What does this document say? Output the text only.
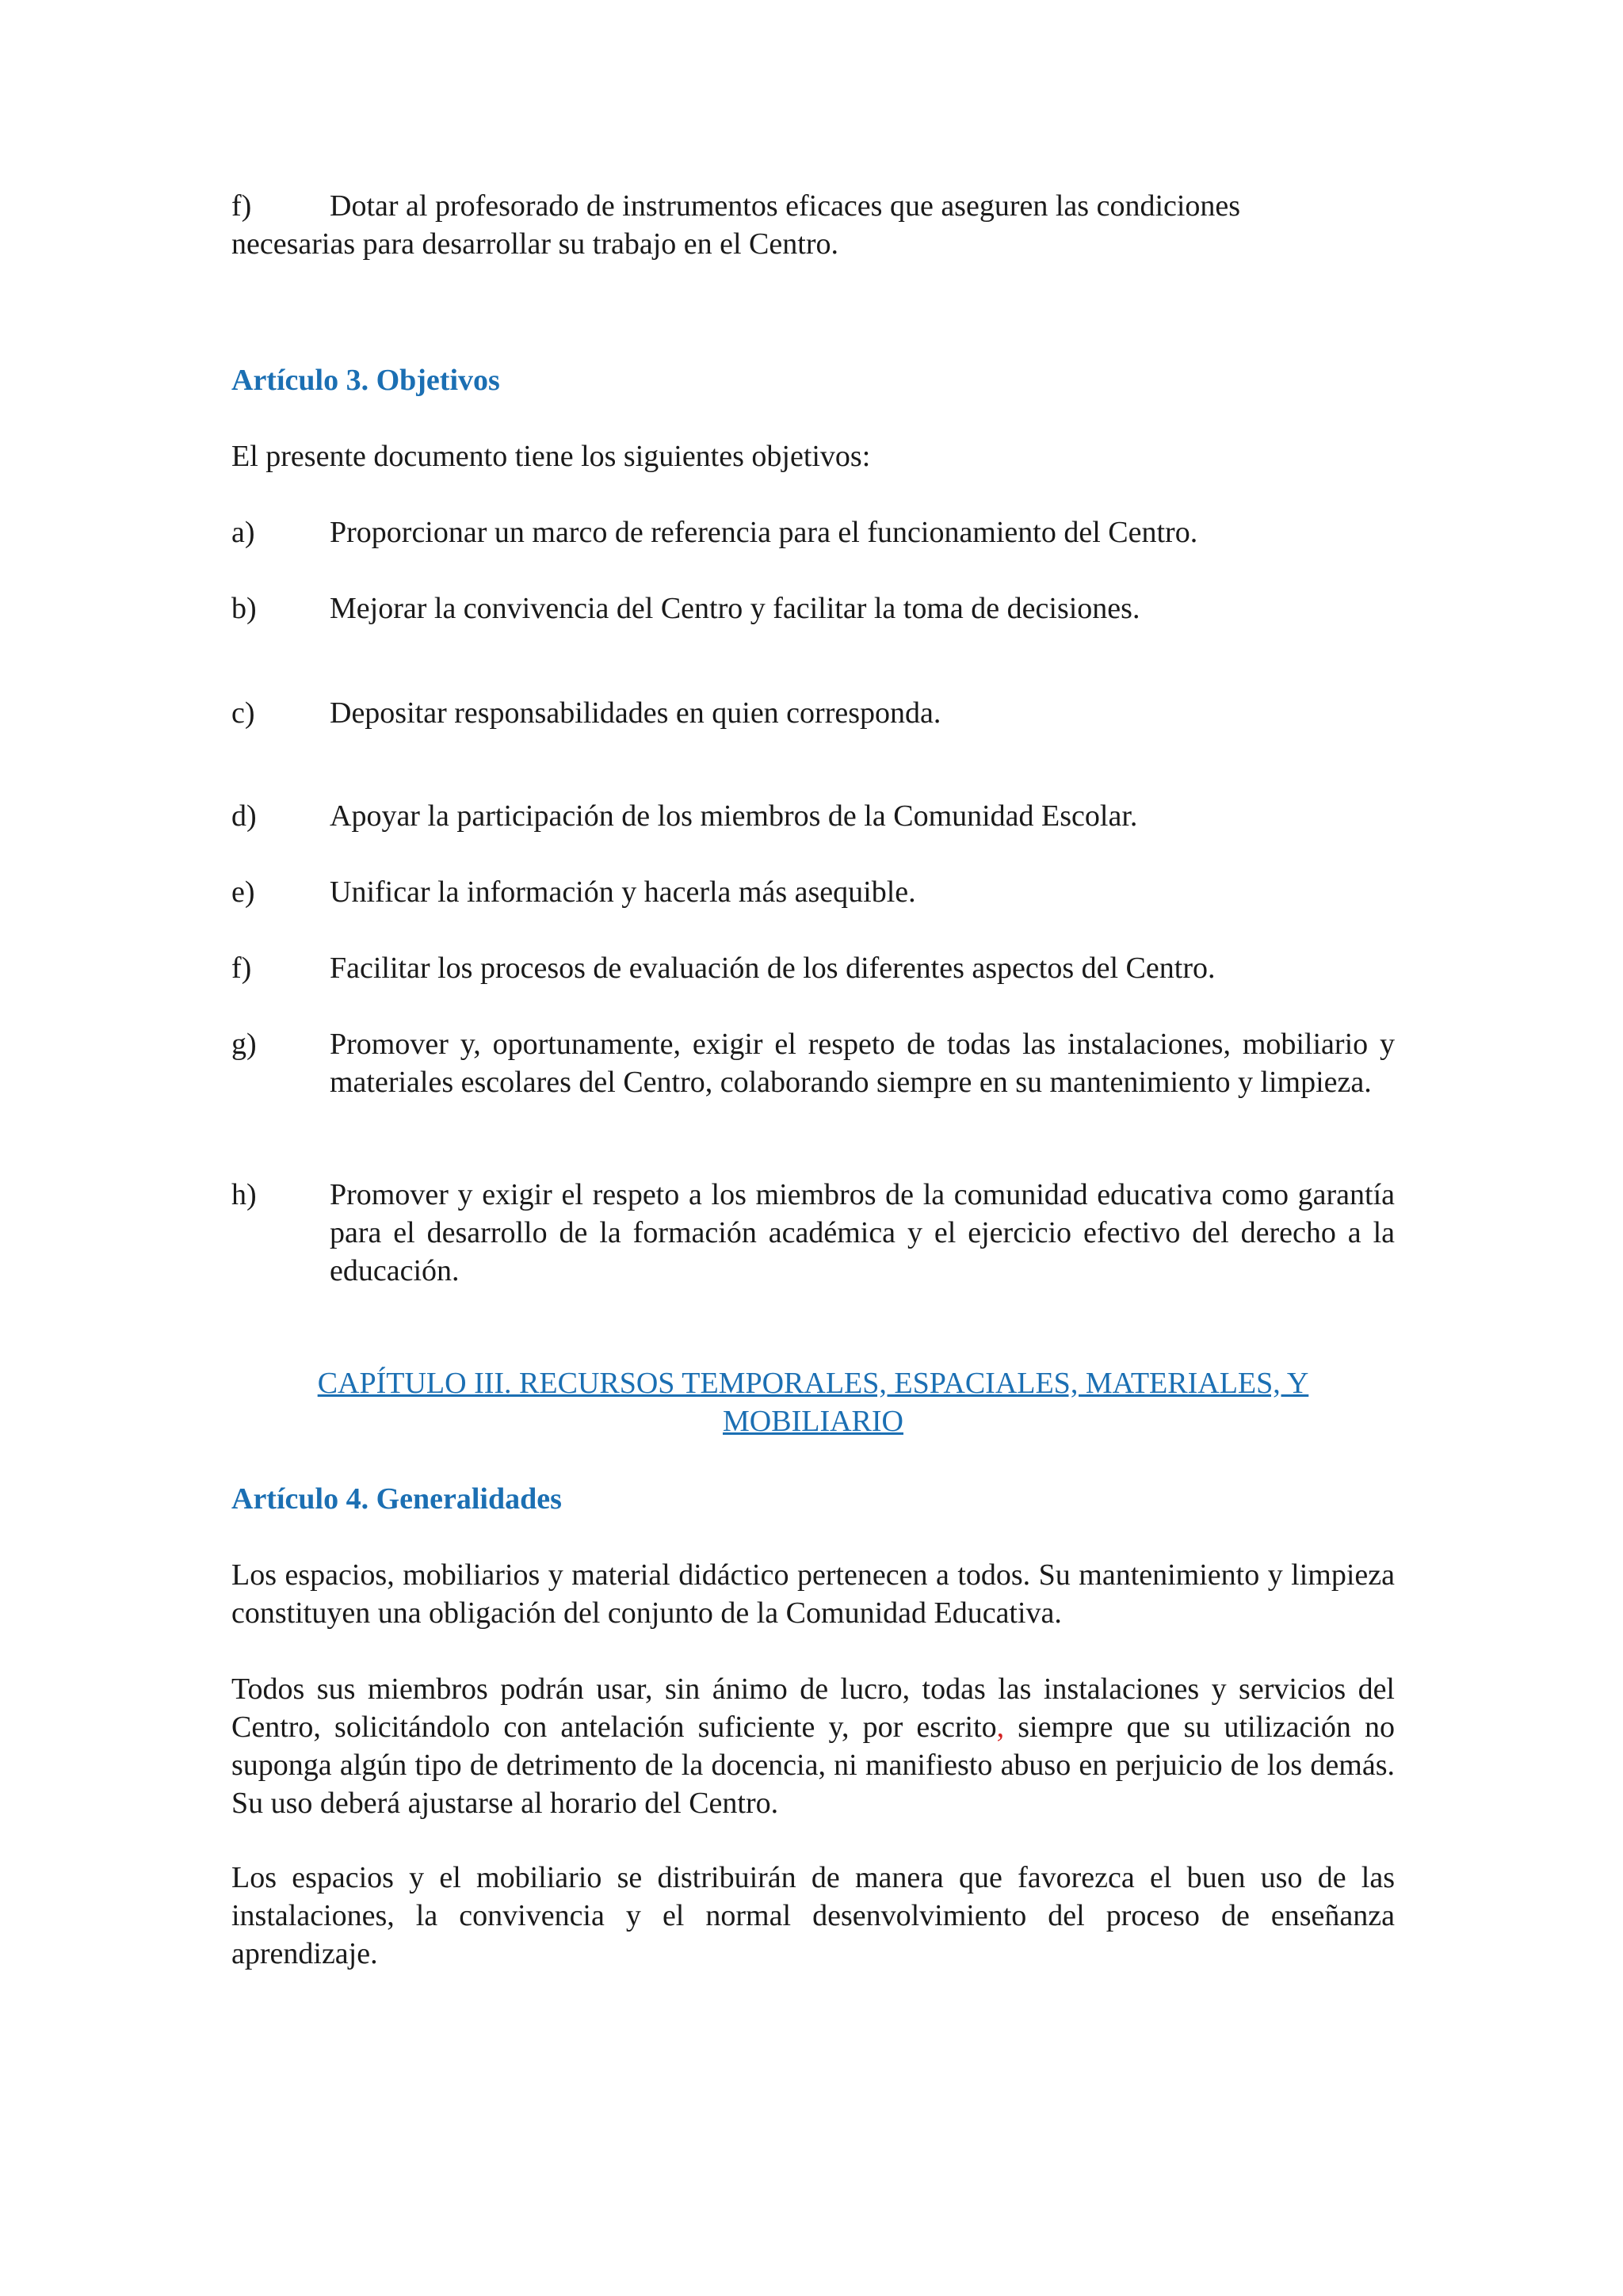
f)	Dotar al profesorado de instrumentos eficaces que aseguren las condiciones
necesarias para desarrollar su trabajo en el Centro.
Artículo 3. Objetivos
El presente documento tiene los siguientes objetivos:
a)	Proporcionar un marco de referencia para el funcionamiento del Centro.
b)	Mejorar la convivencia del Centro y facilitar la toma de decisiones.
c)	Depositar responsabilidades en quien corresponda.
d)	Apoyar la participación de los miembros de la Comunidad Escolar.
e)	Unificar la información y hacerla más asequible.
f)	Facilitar los procesos de evaluación de los diferentes aspectos del Centro.
g)	Promover y, oportunamente, exigir el respeto de todas las instalaciones, mobiliario y materiales escolares del Centro, colaborando siempre en su mantenimiento y limpieza.
h)	Promover y exigir el respeto a los miembros de la comunidad educativa como garantía para el desarrollo de la formación académica y el ejercicio efectivo del derecho a la educación.
CAPÍTULO III. RECURSOS TEMPORALES, ESPACIALES, MATERIALES, Y
MOBILIARIO
Artículo 4. Generalidades
Los espacios, mobiliarios y material didáctico pertenecen a todos. Su mantenimiento y limpieza constituyen una obligación del conjunto de la Comunidad Educativa.
Todos sus miembros podrán usar, sin ánimo de lucro, todas las instalaciones y servicios del Centro, solicitándolo con antelación suficiente y, por escrito, siempre que su utilización no suponga algún tipo de detrimento de la docencia, ni manifiesto abuso en perjuicio de los demás. Su uso deberá ajustarse al horario del Centro.
Los espacios y el mobiliario se distribuirán de manera que favorezca el buen uso de las instalaciones, la convivencia y el normal desenvolvimiento del proceso de enseñanza aprendizaje.
